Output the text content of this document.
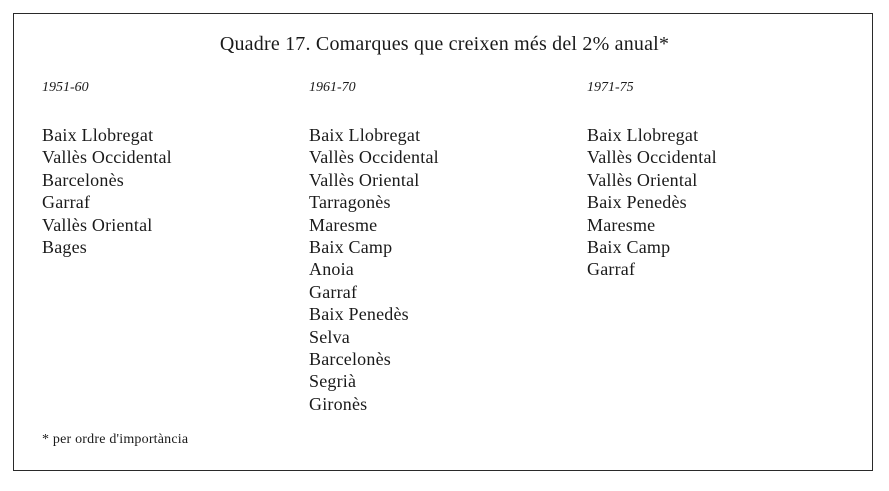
Quadre 17. Comarques que creixen més del 2% anual*
1951-60
Baix Llobregat
Vallès Occidental
Barcelonès
Garraf
Vallès Oriental
Bages
1961-70
Baix Llobregat
Vallès Occidental
Vallès Oriental
Tarragonès
Maresme
Baix Camp
Anoia
Garraf
Baix Penedès
Selva
Barcelonès
Segrià
Gironès
1971-75
Baix Llobregat
Vallès Occidental
Vallès Oriental
Baix Penedès
Maresme
Baix Camp
Garraf
* per ordre d'importància
